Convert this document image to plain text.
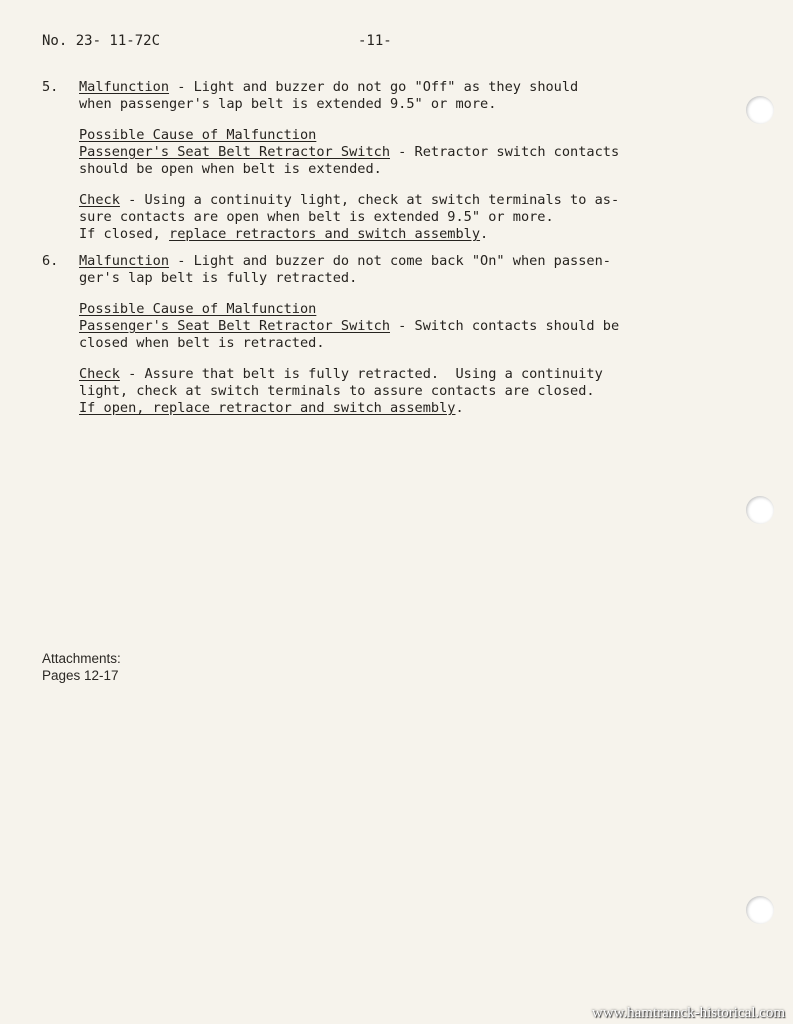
No. 23- 11-72C	-11-
5.	Malfunction - Light and buzzer do not go "Off" as they should
when passenger's lap belt is extended 9.5" or more.
Possible Cause of Malfunction
Passenger's Seat Belt Retractor Switch - Retractor switch contacts
should be open when belt is extended.
Check - Using a continuity light, check at switch terminals to as-
sure contacts are open when belt is extended 9.5" or more.
If closed, replace retractors and switch assembly.
6.	Malfunction - Light and buzzer do not come back "On" when passen-
ger's lap belt is fully retracted.
Possible Cause of Malfunction
Passenger's Seat Belt Retractor Switch - Switch contacts should be
closed when belt is retracted.
Check - Assure that belt is fully retracted.  Using a continuity
light, check at switch terminals to assure contacts are closed.
If open, replace retractor and switch assembly.
Attachments:
Pages 12-17
www.hamtramck-historical.com
